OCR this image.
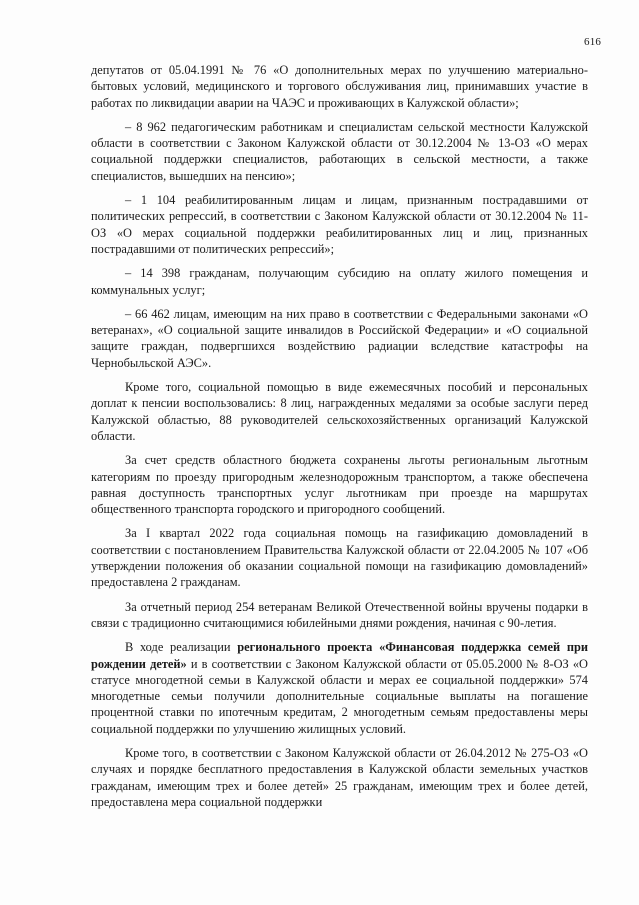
616

депутатов от 05.04.1991 № 76 «О дополнительных мерах по улучшению материально-бытовых условий, медицинского и торгового обслуживания лиц, принимавших участие в работах по ликвидации аварии на ЧАЭС и проживающих в Калужской области»;

– 8 962 педагогическим работникам и специалистам сельской местности Калужской области в соответствии с Законом Калужской области от 30.12.2004 № 13-ОЗ «О мерах социальной поддержки специалистов, работающих в сельской местности, а также специалистов, вышедших на пенсию»;

– 1 104 реабилитированным лицам и лицам, признанным пострадавшими от политических репрессий, в соответствии с Законом Калужской области от 30.12.2004 № 11-ОЗ «О мерах социальной поддержки реабилитированных лиц и лиц, признанных пострадавшими от политических репрессий»;

– 14 398 гражданам, получающим субсидию на оплату жилого помещения и коммунальных услуг;

– 66 462 лицам, имеющим на них право в соответствии с Федеральными законами «О ветеранах», «О социальной защите инвалидов в Российской Федерации» и «О социальной защите граждан, подвергшихся воздействию радиации вследствие катастрофы на Чернобыльской АЭС».

Кроме того, социальной помощью в виде ежемесячных пособий и персональных доплат к пенсии воспользовались: 8 лиц, награжденных медалями за особые заслуги перед Калужской областью, 88 руководителей сельскохозяйственных организаций Калужской области.

За счет средств областного бюджета сохранены льготы региональным льготным категориям по проезду пригородным железнодорожным транспортом, а также обеспечена равная доступность транспортных услуг льготникам при проезде на маршрутах общественного транспорта городского и пригородного сообщений.

За I квартал 2022 года социальная помощь на газификацию домовладений в соответствии с постановлением Правительства Калужской области от 22.04.2005 № 107 «Об утверждении положения об оказании социальной помощи на газификацию домовладений» предоставлена 2 гражданам.

За отчетный период 254 ветеранам Великой Отечественной войны вручены подарки в связи с традиционно считающимися юбилейными днями рождения, начиная с 90-летия.

В ходе реализации регионального проекта «Финансовая поддержка семей при рождении детей» и в соответствии с Законом Калужской области от 05.05.2000 № 8-ОЗ «О статусе многодетной семьи в Калужской области и мерах ее социальной поддержки» 574 многодетные семьи получили дополнительные социальные выплаты на погашение процентной ставки по ипотечным кредитам, 2 многодетным семьям предоставлены меры социальной поддержки по улучшению жилищных условий.

Кроме того, в соответствии с Законом Калужской области от 26.04.2012 № 275-ОЗ «О случаях и порядке бесплатного предоставления в Калужской области земельных участков гражданам, имеющим трех и более детей» 25 гражданам, имеющим трех и более детей, предоставлена мера социальной поддержки
